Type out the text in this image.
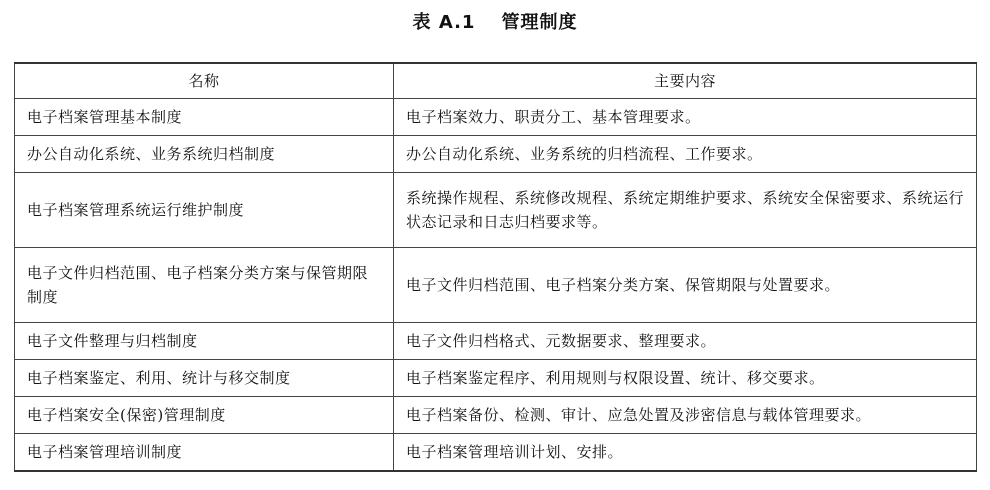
表 A.1 管理制度
名称	主要内容
电子档案管理基本制度	电子档案效力、职责分工、基本管理要求。
办公自动化系统、业务系统归档制度	办公自动化系统、业务系统的归档流程、工作要求。
电子档案管理系统运行维护制度	系统操作规程、系统修改规程、系统定期维护要求、系统安全保密要求、系统运行状态记录和日志归档要求等。
电子文件归档范围、电子档案分类方案与保管期限制度	电子文件归档范围、电子档案分类方案、保管期限与处置要求。
电子文件整理与归档制度	电子文件归档格式、元数据要求、整理要求。
电子档案鉴定、利用、统计与移交制度	电子档案鉴定程序、利用规则与权限设置、统计、移交要求。
电子档案安全(保密)管理制度	电子档案备份、检测、审计、应急处置及涉密信息与载体管理要求。
电子档案管理培训制度	电子档案管理培训计划、安排。
